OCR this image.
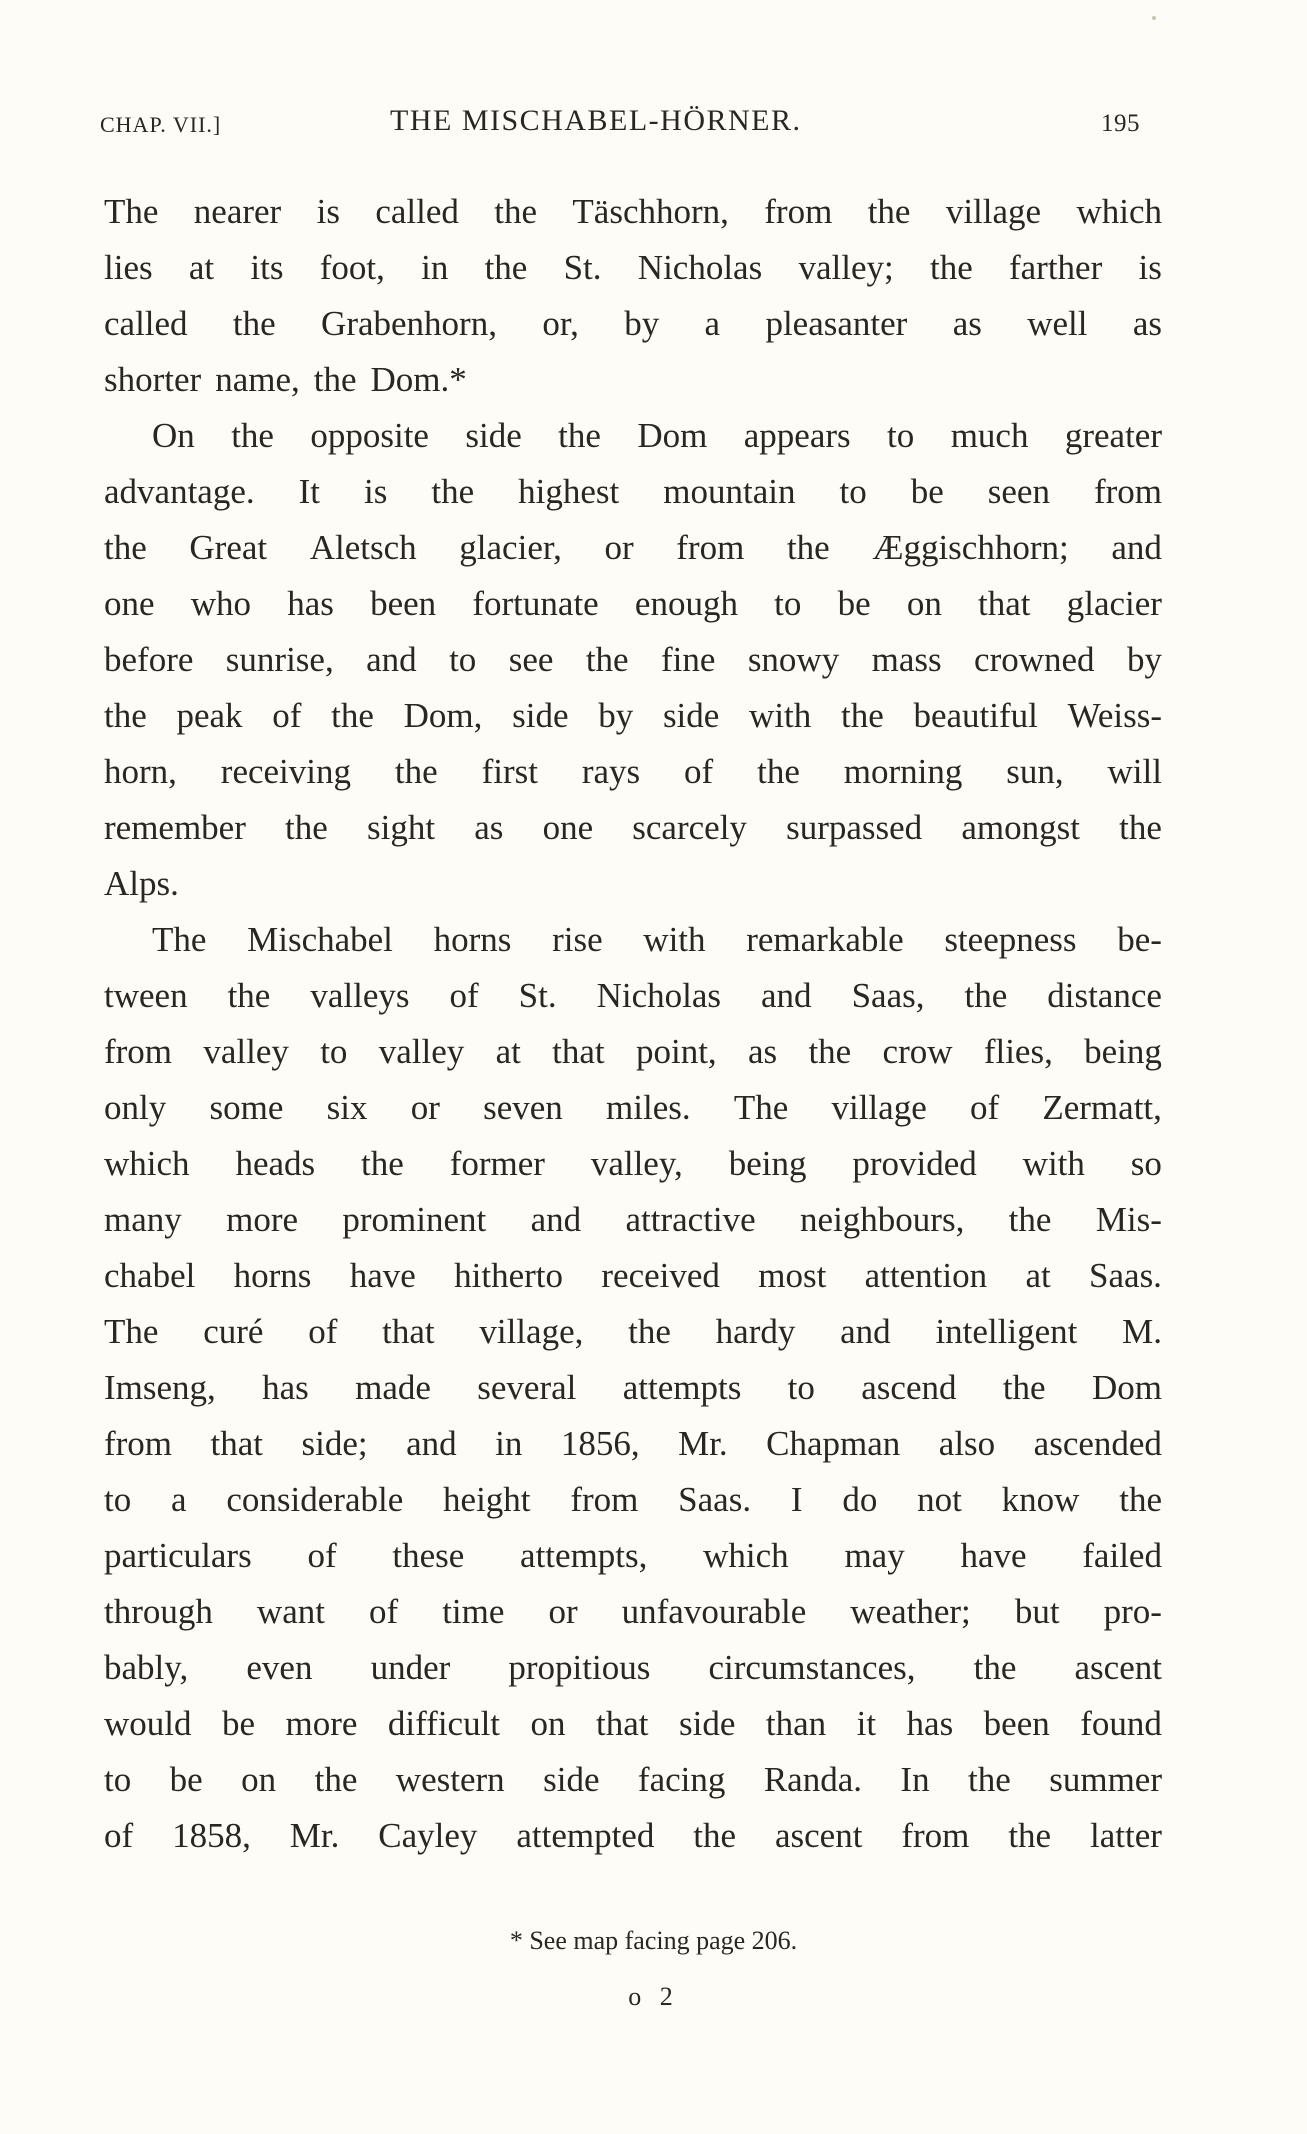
CHAP. VII.]	THE MISCHABEL-HÖRNER.	195
The nearer is called the Täschhorn, from the village which
lies at its foot, in the St. Nicholas valley; the farther is
called the Grabenhorn, or, by a pleasanter as well as
shorter name, the Dom.*
On the opposite side the Dom appears to much greater
advantage. It is the highest mountain to be seen from
the Great Aletsch glacier, or from the Æggischhorn; and
one who has been fortunate enough to be on that glacier
before sunrise, and to see the fine snowy mass crowned by
the peak of the Dom, side by side with the beautiful Weiss-
horn, receiving the first rays of the morning sun, will
remember the sight as one scarcely surpassed amongst the
Alps.
The Mischabel horns rise with remarkable steepness be-
tween the valleys of St. Nicholas and Saas, the distance
from valley to valley at that point, as the crow flies, being
only some six or seven miles. The village of Zermatt,
which heads the former valley, being provided with so
many more prominent and attractive neighbours, the Mis-
chabel horns have hitherto received most attention at Saas.
The curé of that village, the hardy and intelligent M.
Imseng, has made several attempts to ascend the Dom
from that side; and in 1856, Mr. Chapman also ascended
to a considerable height from Saas. I do not know the
particulars of these attempts, which may have failed
through want of time or unfavourable weather; but pro-
bably, even under propitious circumstances, the ascent
would be more difficult on that side than it has been found
to be on the western side facing Randa. In the summer
of 1858, Mr. Cayley attempted the ascent from the latter
* See map facing page 206.
o 2
